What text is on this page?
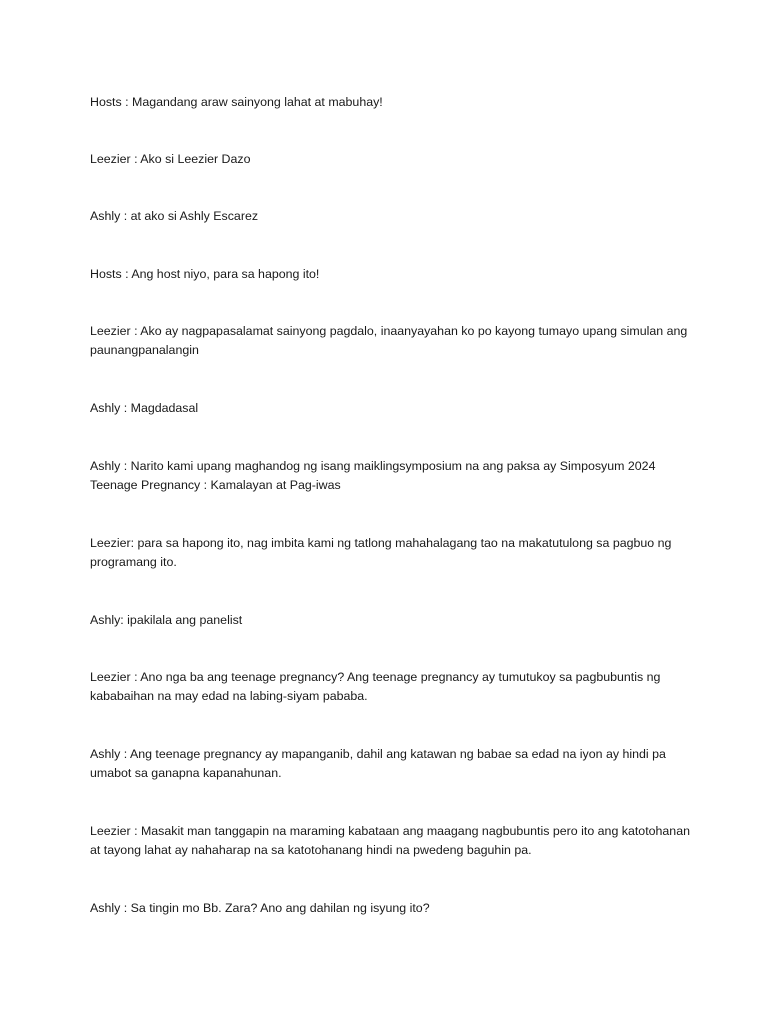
Hosts : Magandang araw sainyong lahat at mabuhay!

Leezier : Ako si Leezier Dazo

Ashly : at ako si Ashly Escarez

Hosts : Ang host niyo, para sa hapong ito!

Leezier : Ako ay nagpapasalamat sainyong pagdalo, inaanyayahan ko po kayong tumayo upang simulan ang paunangpanalangin

Ashly : Magdadasal

Ashly : Narito kami upang maghandog ng isang maiklingsymposium na ang paksa ay Simposyum 2024 Teenage Pregnancy : Kamalayan at Pag-iwas

Leezier: para sa hapong ito, nag imbita kami ng tatlong mahahalagang tao na makatutulong sa pagbuo ng programang ito.

Ashly: ipakilala ang panelist

Leezier : Ano nga ba ang teenage pregnancy? Ang teenage pregnancy ay tumutukoy sa pagbubuntis ng kababaihan na may edad na labing-siyam pababa.

Ashly : Ang teenage pregnancy ay mapanganib, dahil ang katawan ng babae sa edad na iyon ay hindi pa umabot sa ganapna kapanahunan.

Leezier : Masakit man tanggapin na maraming kabataan ang maagang nagbubuntis pero ito ang katotohanan at tayong lahat ay nahaharap na sa katotohanang hindi na pwedeng baguhin pa.

Ashly : Sa tingin mo Bb. Zara? Ano ang dahilan ng isyung ito?
